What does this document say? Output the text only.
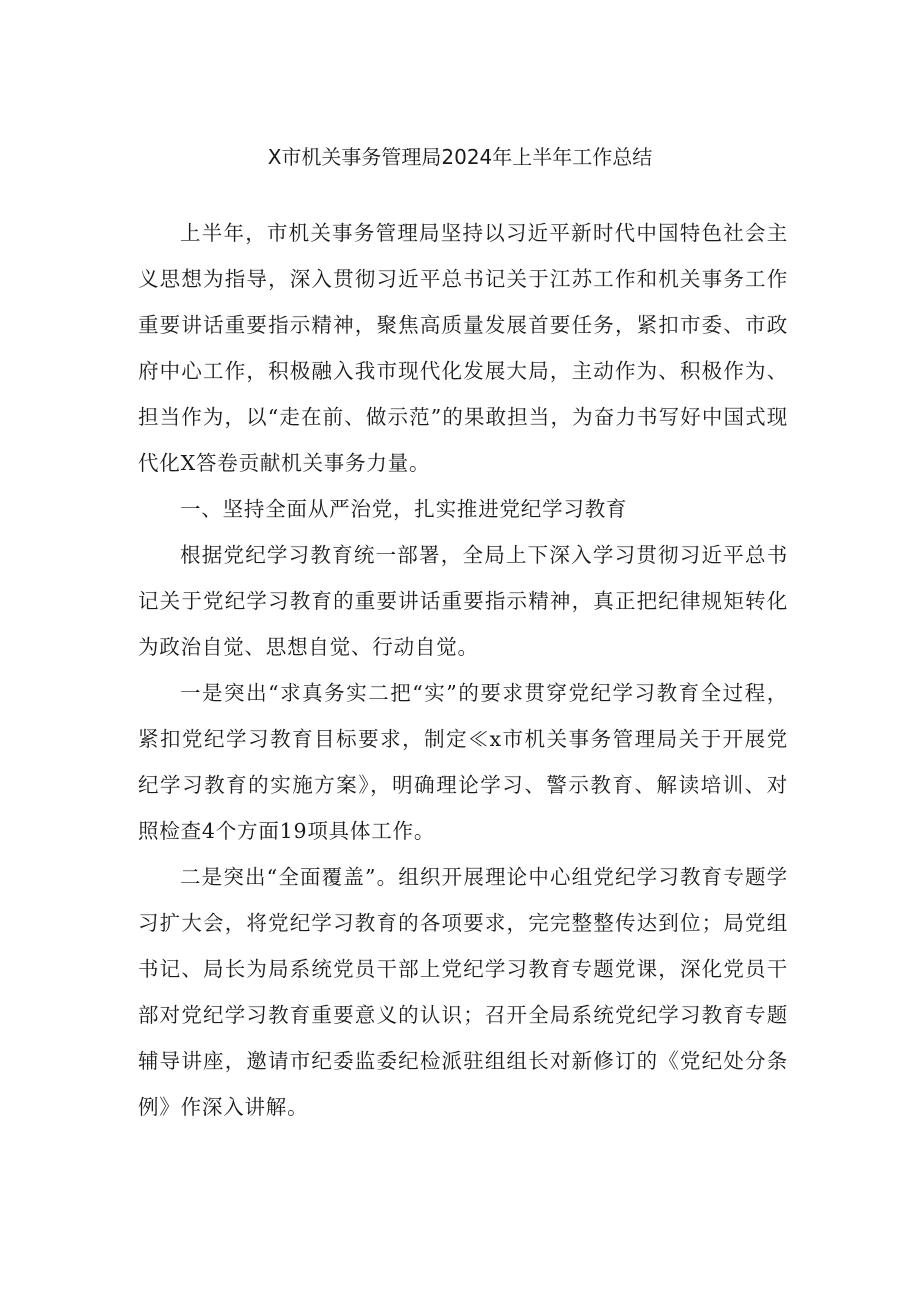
X市机关事务管理局2024年上半年工作总结

上半年，市机关事务管理局坚持以习近平新时代中国特色社会主义思想为指导，深入贯彻习近平总书记关于江苏工作和机关事务工作重要讲话重要指示精神，聚焦高质量发展首要任务，紧扣市委、市政府中心工作，积极融入我市现代化发展大局，主动作为、积极作为、担当作为，以“走在前、做示范”的果敢担当，为奋力书写好中国式现代化X答卷贡献机关事务力量。

一、坚持全面从严治党，扎实推进党纪学习教育

根据党纪学习教育统一部署，全局上下深入学习贯彻习近平总书记关于党纪学习教育的重要讲话重要指示精神，真正把纪律规矩转化为政治自觉、思想自觉、行动自觉。

一是突出“求真务实二把“实”的要求贯穿党纪学习教育全过程，紧扣党纪学习教育目标要求，制定≪x市机关事务管理局关于开展党纪学习教育的实施方案》，明确理论学习、警示教育、解读培训、对照检查4个方面19项具体工作。

二是突出“全面覆盖”。组织开展理论中心组党纪学习教育专题学习扩大会，将党纪学习教育的各项要求，完完整整传达到位；局党组书记、局长为局系统党员干部上党纪学习教育专题党课，深化党员干部对党纪学习教育重要意义的认识；召开全局系统党纪学习教育专题辅导讲座，邀请市纪委监委纪检派驻组组长对新修订的《党纪处分条例》作深入讲解。
